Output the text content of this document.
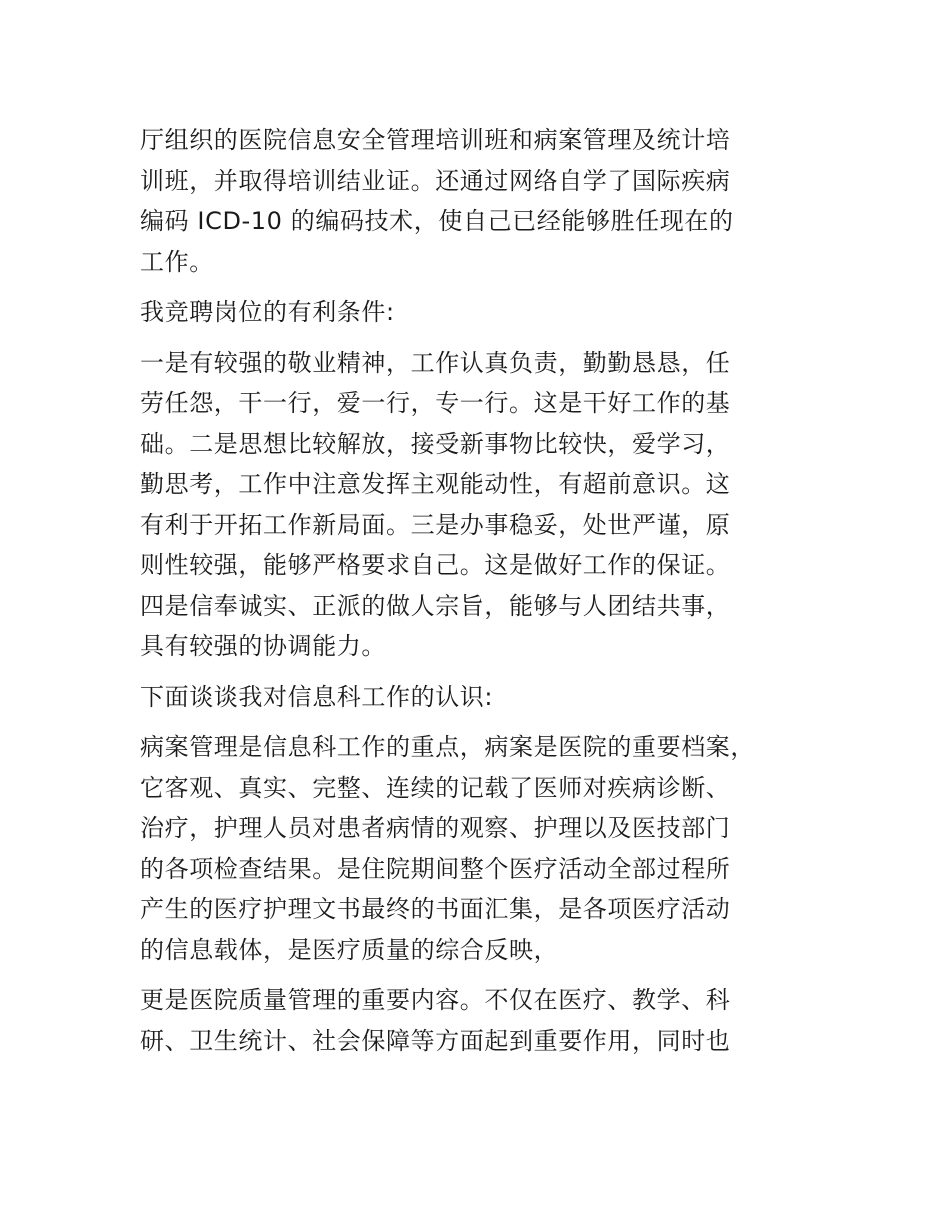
厅组织的医院信息安全管理培训班和病案管理及统计培
训班，并取得培训结业证。还通过网络自学了国际疾病
编码 ICD-10 的编码技术，使自己已经能够胜任现在的
工作。

我竞聘岗位的有利条件:

一是有较强的敬业精神，工作认真负责，勤勤恳恳，任
劳任怨，干一行，爱一行，专一行。这是干好工作的基
础。二是思想比较解放，接受新事物比较快，爱学习，
勤思考，工作中注意发挥主观能动性，有超前意识。这
有利于开拓工作新局面。三是办事稳妥，处世严谨，原
则性较强，能够严格要求自己。这是做好工作的保证。
四是信奉诚实、正派的做人宗旨，能够与人团结共事，
具有较强的协调能力。

下面谈谈我对信息科工作的认识:

病案管理是信息科工作的重点，病案是医院的重要档案，
它客观、真实、完整、连续的记载了医师对疾病诊断、
治疗，护理人员对患者病情的观察、护理以及医技部门
的各项检查结果。是住院期间整个医疗活动全部过程所
产生的医疗护理文书最终的书面汇集，是各项医疗活动
的信息载体，是医疗质量的综合反映，

更是医院质量管理的重要内容。不仅在医疗、教学、科
研、卫生统计、社会保障等方面起到重要作用，同时也
